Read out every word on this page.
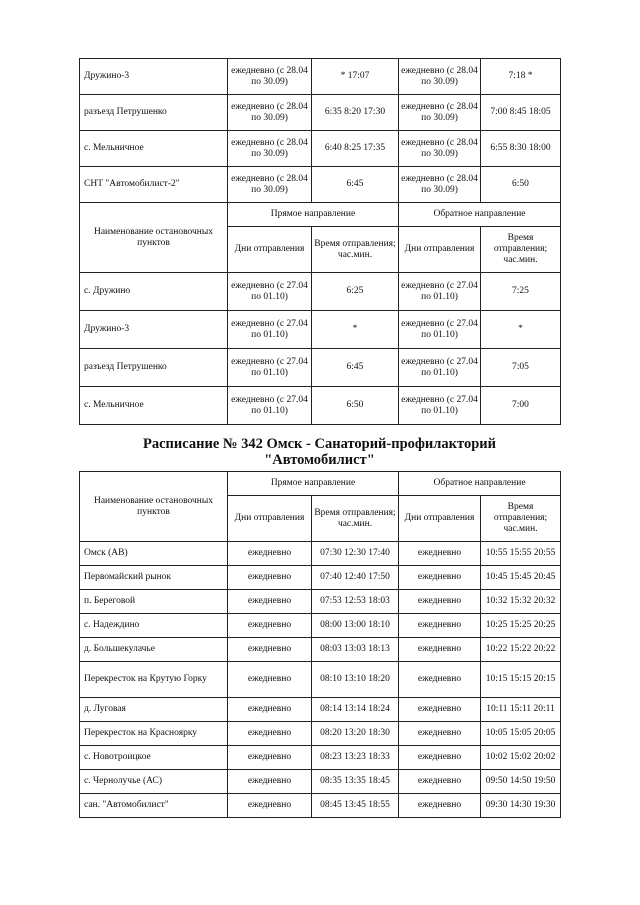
Дружино-3	ежедневно (с 28.04 по 30.09)	* 17:07	ежедневно (с 28.04 по 30.09)	7:18 *
разъезд Петрушенко	ежедневно (с 28.04 по 30.09)	6:35 8:20 17:30	ежедневно (с 28.04 по 30.09)	7:00 8:45 18:05
с. Мельничное	ежедневно (с 28.04 по 30.09)	6:40 8:25 17:35	ежедневно (с 28.04 по 30.09)	6:55 8:30 18:00
СНТ "Автомобилист-2"	ежедневно (с 28.04 по 30.09)	6:45	ежедневно (с 28.04 по 30.09)	6:50
Наименование остановочных пунктов	Прямое направление		Обратное направление	
	Дни отправления	Время отправления; час.мин.	Дни отправления	Время отправления; час.мин.
с. Дружино	ежедневно (с 27.04 по 01.10)	6:25	ежедневно (с 27.04 по 01.10)	7:25
Дружино-3	ежедневно (с 27.04 по 01.10)	*	ежедневно (с 27.04 по 01.10)	*
разъезд Петрушенко	ежедневно (с 27.04 по 01.10)	6:45	ежедневно (с 27.04 по 01.10)	7:05
с. Мельничное	ежедневно (с 27.04 по 01.10)	6:50	ежедневно (с 27.04 по 01.10)	7:00
Расписание № 342 Омск - Санаторий-профилакторий
"Автомобилист"
Наименование остановочных пунктов	Прямое направление		Обратное направление	
	Дни отправления	Время отправления; час.мин.	Дни отправления	Время отправления; час.мин.
Омск (АВ)	ежедневно	07:30 12:30 17:40	ежедневно	10:55 15:55 20:55
Первомайский рынок	ежедневно	07:40 12:40 17:50	ежедневно	10:45 15:45 20:45
п. Береговой	ежедневно	07:53 12:53 18:03	ежедневно	10:32 15:32 20:32
с. Надеждино	ежедневно	08:00 13:00 18:10	ежедневно	10:25 15:25 20:25
д. Большекулачье	ежедневно	08:03 13:03 18:13	ежедневно	10:22 15:22 20:22
Перекресток на Крутую Горку	ежедневно	08:10 13:10 18:20	ежедневно	10:15 15:15 20:15
д. Луговая	ежедневно	08:14 13:14 18:24	ежедневно	10:11 15:11 20:11
Перекресток на Красноярку	ежедневно	08:20 13:20 18:30	ежедневно	10:05 15:05 20:05
с. Новотроицкое	ежедневно	08:23 13:23 18:33	ежедневно	10:02 15:02 20:02
с. Чернолучье (АС)	ежедневно	08:35 13:35 18:45	ежедневно	09:50 14:50 19:50
сан. "Автомобилист"	ежедневно	08:45 13:45 18:55	ежедневно	09:30 14:30 19:30
